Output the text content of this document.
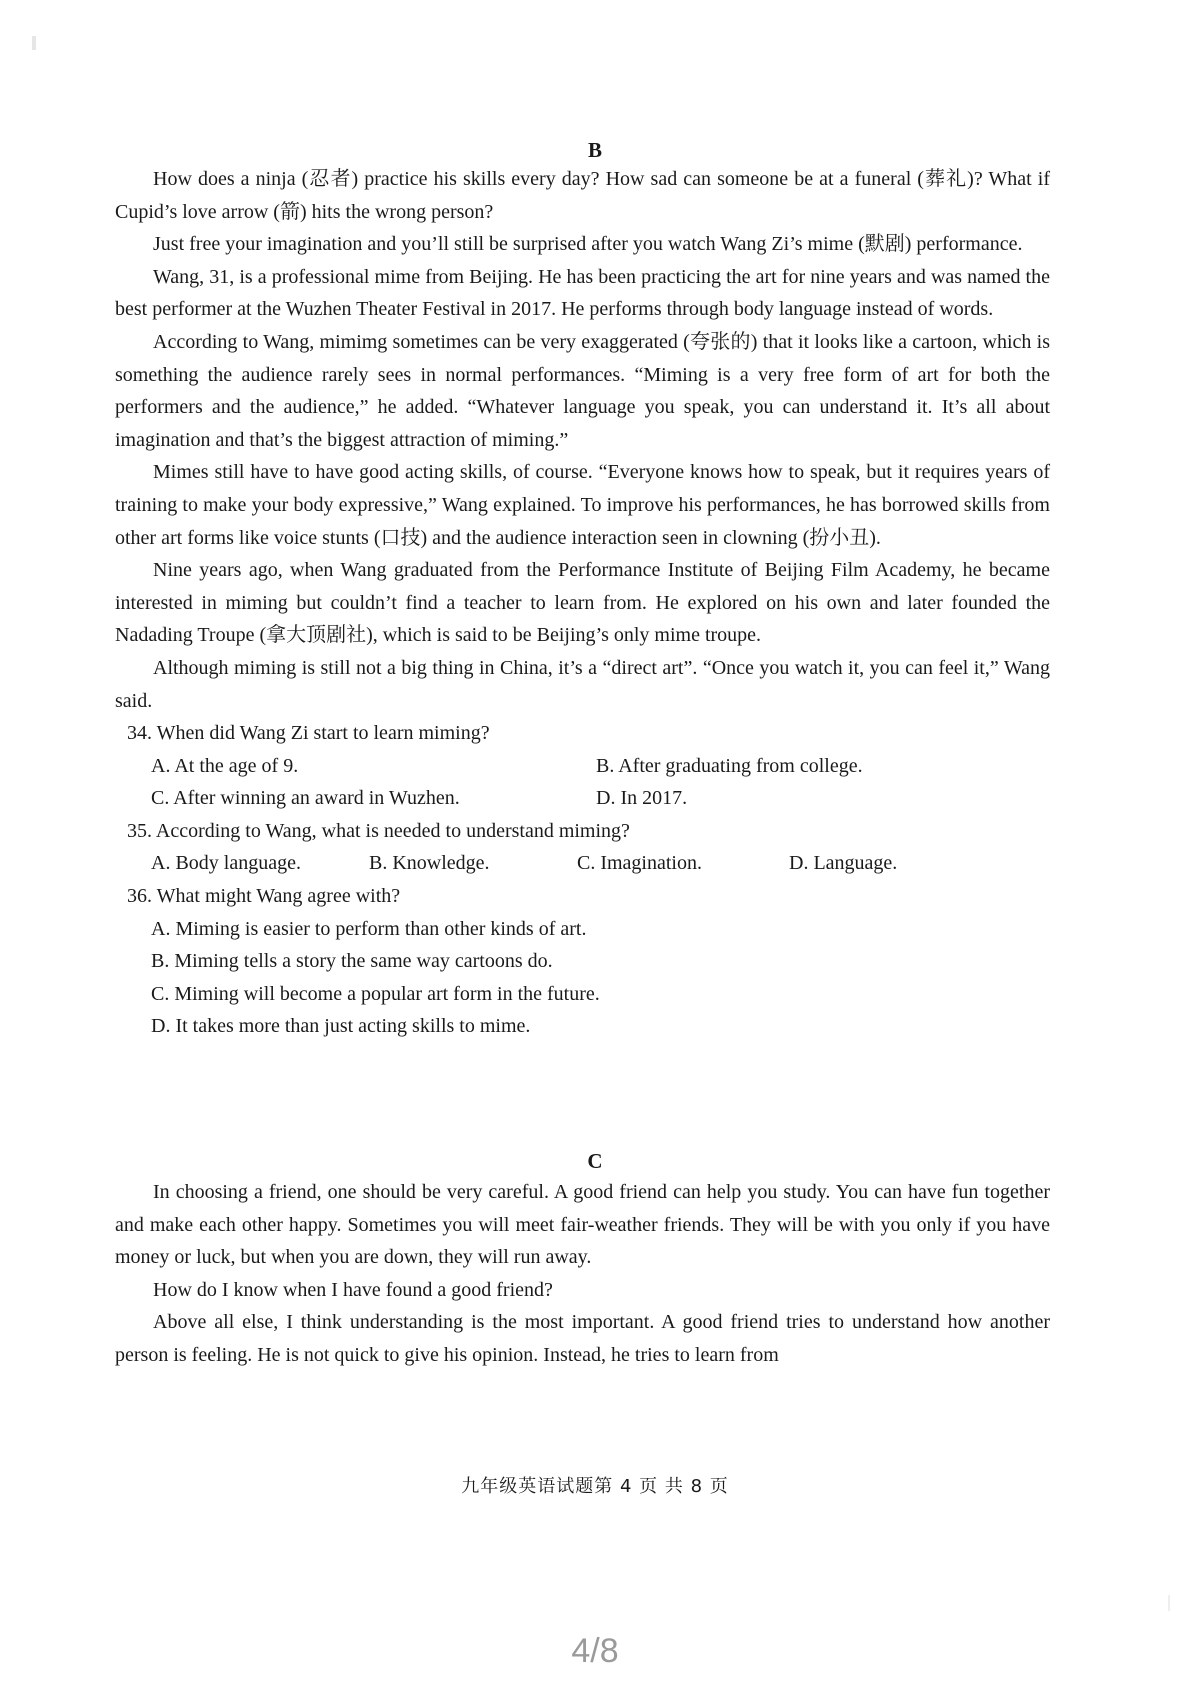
B

How does a ninja (忍者) practice his skills every day? How sad can someone be at a funeral (葬礼)? What if Cupid’s love arrow (箭) hits the wrong person?

Just free your imagination and you’ll still be surprised after you watch Wang Zi’s mime (默剧) performance.

Wang, 31, is a professional mime from Beijing. He has been practicing the art for nine years and was named the best performer at the Wuzhen Theater Festival in 2017. He performs through body language instead of words.

According to Wang, mimimg sometimes can be very exaggerated (夸张的) that it looks like a cartoon, which is something the audience rarely sees in normal performances. “Miming is a very free form of art for both the performers and the audience,” he added. “Whatever language you speak, you can understand it. It’s all about imagination and that’s the biggest attraction of miming.”

Mimes still have to have good acting skills, of course. “Everyone knows how to speak, but it requires years of training to make your body expressive,” Wang explained. To improve his performances, he has borrowed skills from other art forms like voice stunts (口技) and the audience interaction seen in clowning (扮小丑).

Nine years ago, when Wang graduated from the Performance Institute of Beijing Film Academy, he became interested in miming but couldn’t find a teacher to learn from. He explored on his own and later founded the Nadading Troupe (拿大顶剧社), which is said to be Beijing’s only mime troupe.

Although miming is still not a big thing in China, it’s a “direct art”. “Once you watch it, you can feel it,” Wang said.

34. When did Wang Zi start to learn miming?

A. At the age of 9.	B. After graduating from college.
C. After winning an award in Wuzhen.	D. In 2017.

35. According to Wang, what is needed to understand miming?

A. Body language.	B. Knowledge.	C. Imagination.	D. Language.

36. What might Wang agree with?

A. Miming is easier to perform than other kinds of art.
B. Miming tells a story the same way cartoons do.
C. Miming will become a popular art form in the future.
D. It takes more than just acting skills to mime.
C

In choosing a friend, one should be very careful. A good friend can help you study. You can have fun together and make each other happy. Sometimes you will meet fair-weather friends. They will be with you only if you have money or luck, but when you are down, they will run away.

How do I know when I have found a good friend?

Above all else, I think understanding is the most important. A good friend tries to understand how another person is feeling. He is not quick to give his opinion. Instead, he tries to learn from

九年级英语试题第 4 页 共 8 页
4/8
